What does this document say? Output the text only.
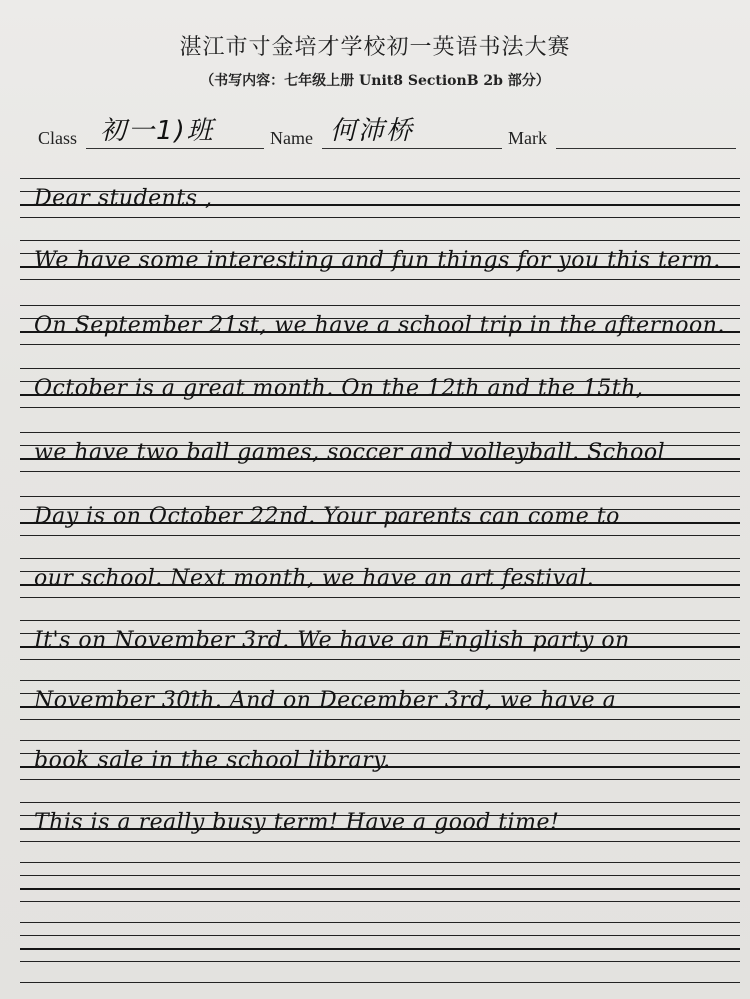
湛江市寸金培才学校初一英语书法大赛
（书写内容：七年级上册 Unit8 SectionB 2b 部分）
Class 初一1)班	Name 何沛桥	Mark
Dear students ,
We have some interesting and fun things for you this term.
On September 21st, we have a school trip in the afternoon.
October is a great month. On the 12th and the 15th,
we have two ball games, soccer and volleyball. School
Day is on October 22nd. Your parents can come to
our school. Next month, we have an art festival.
It's on November 3rd. We have an English party on
November 30th. And on December 3rd, we have a
book sale in the school library.
This is a really busy term! Have a good time!
